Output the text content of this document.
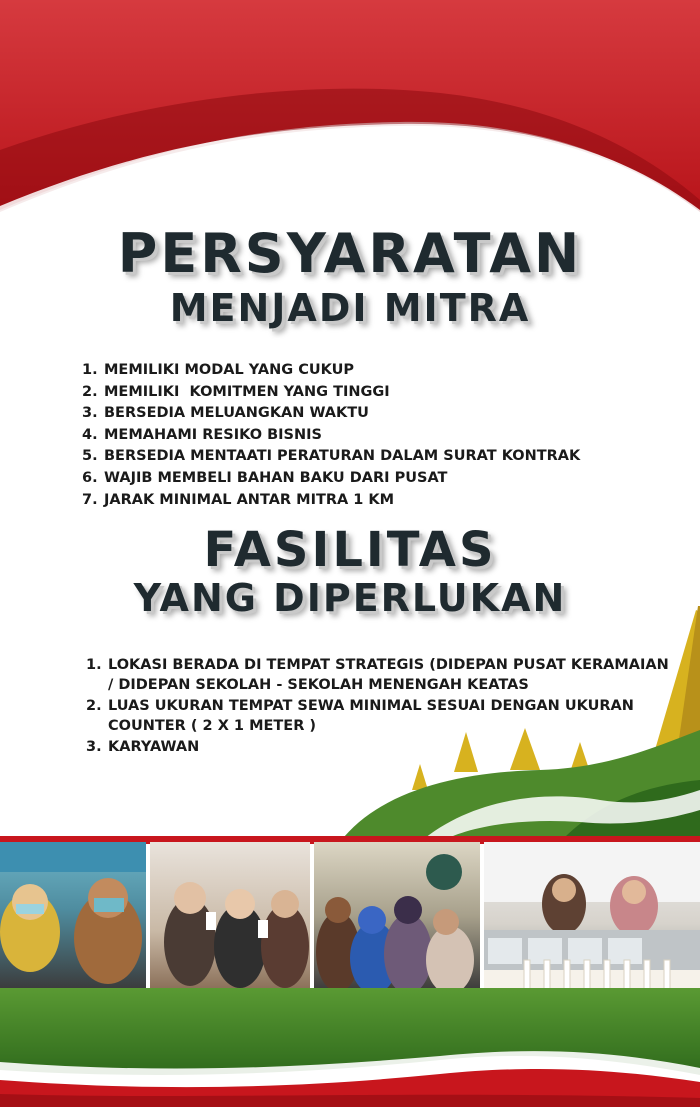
PERSYARATAN
MENJADI MITRA
1. MEMILIKI MODAL YANG CUKUP
2. MEMILIKI  KOMITMEN YANG TINGGI
3. BERSEDIA MELUANGKAN WAKTU
4. MEMAHAMI RESIKO BISNIS
5. BERSEDIA MENTAATI PERATURAN DALAM SURAT KONTRAK
6. WAJIB MEMBELI BAHAN BAKU DARI PUSAT
7. JARAK MINIMAL ANTAR MITRA 1 KM
FASILITAS
YANG DIPERLUKAN
1. LOKASI BERADA DI TEMPAT STRATEGIS (DIDEPAN PUSAT KERAMAIAN / DIDEPAN SEKOLAH - SEKOLAH MENENGAH KEATAS
2. LUAS UKURAN TEMPAT SEWA MINIMAL SESUAI DENGAN UKURAN COUNTER ( 2 X 1 METER )
3. KARYAWAN
